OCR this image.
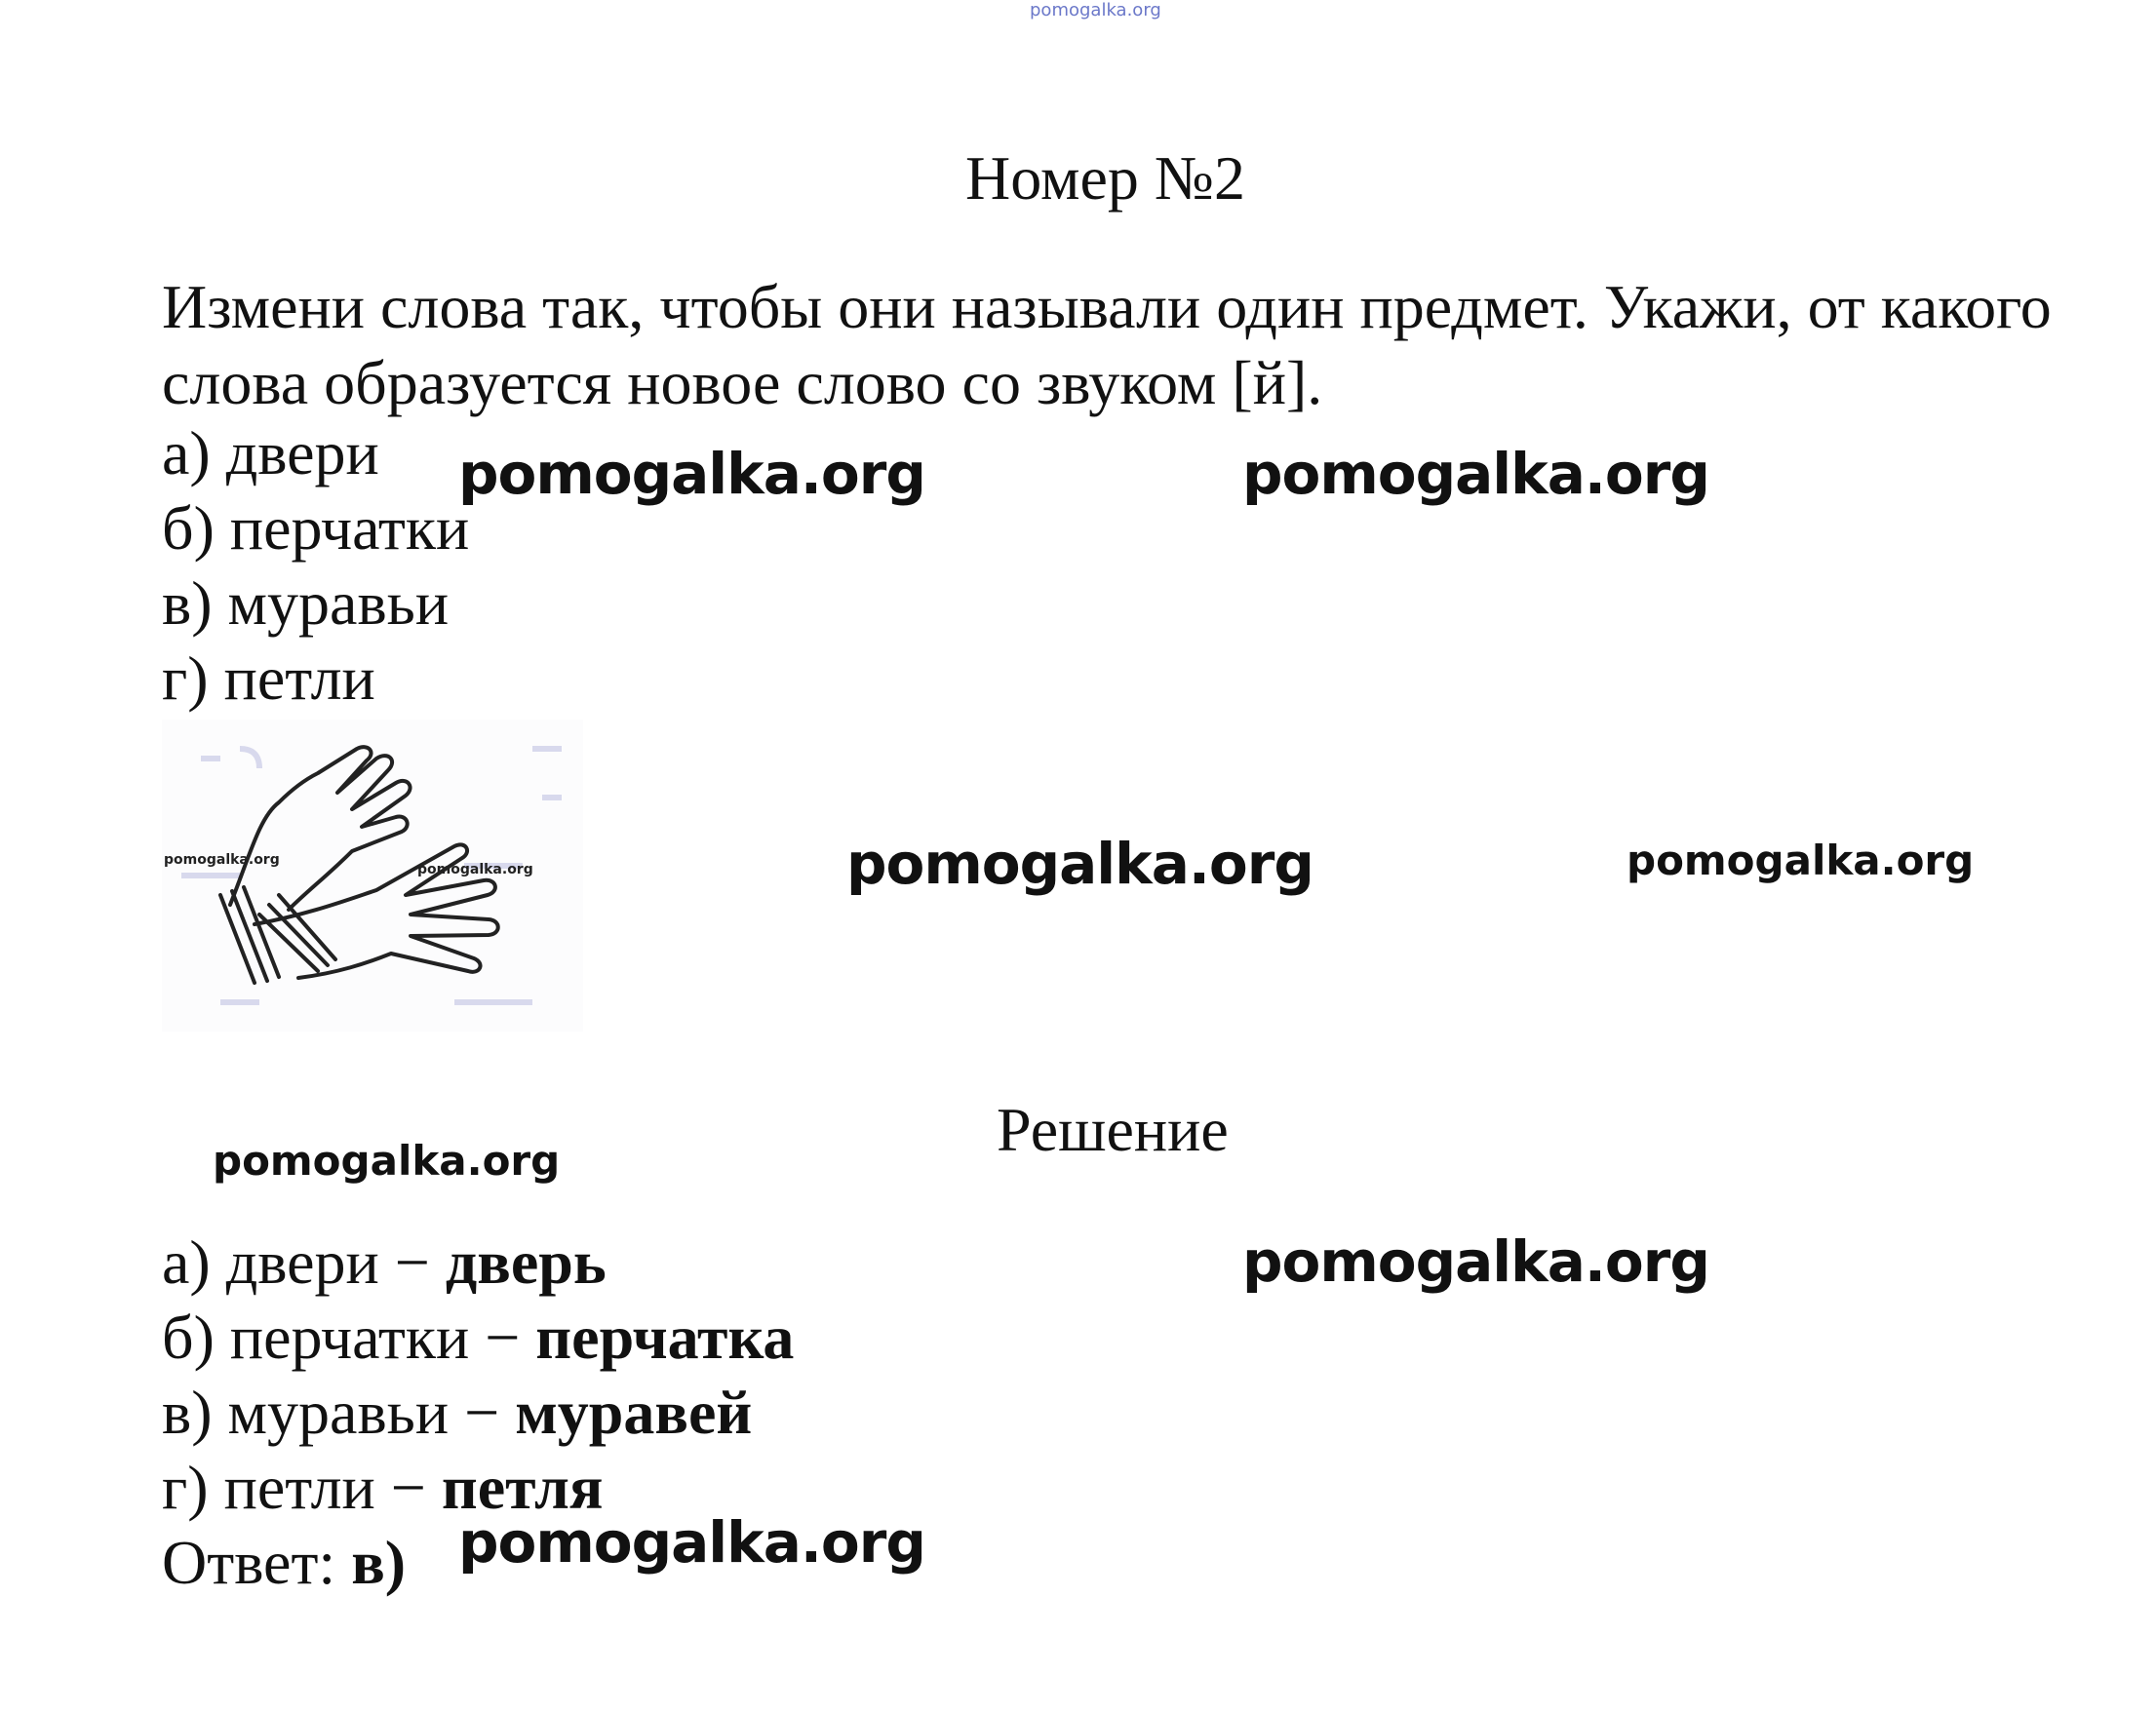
pomogalka.org
Номер №2
Измени слова так, чтобы они называли один предмет. Укажи, от какого слова образуется новое слово со звуком [й].
а) двери
б) перчатки
в) муравьи
г) петли
pomogalka.org
pomogalka.org
Решение
а) двери − дверь
б) перчатки − перчатка
в) муравьи − муравей
г) петли − петля
Ответ: в)
pomogalka.org	pomogalka.org
pomogalka.org	pomogalka.org
pomogalka.org
pomogalka.org
pomogalka.org
